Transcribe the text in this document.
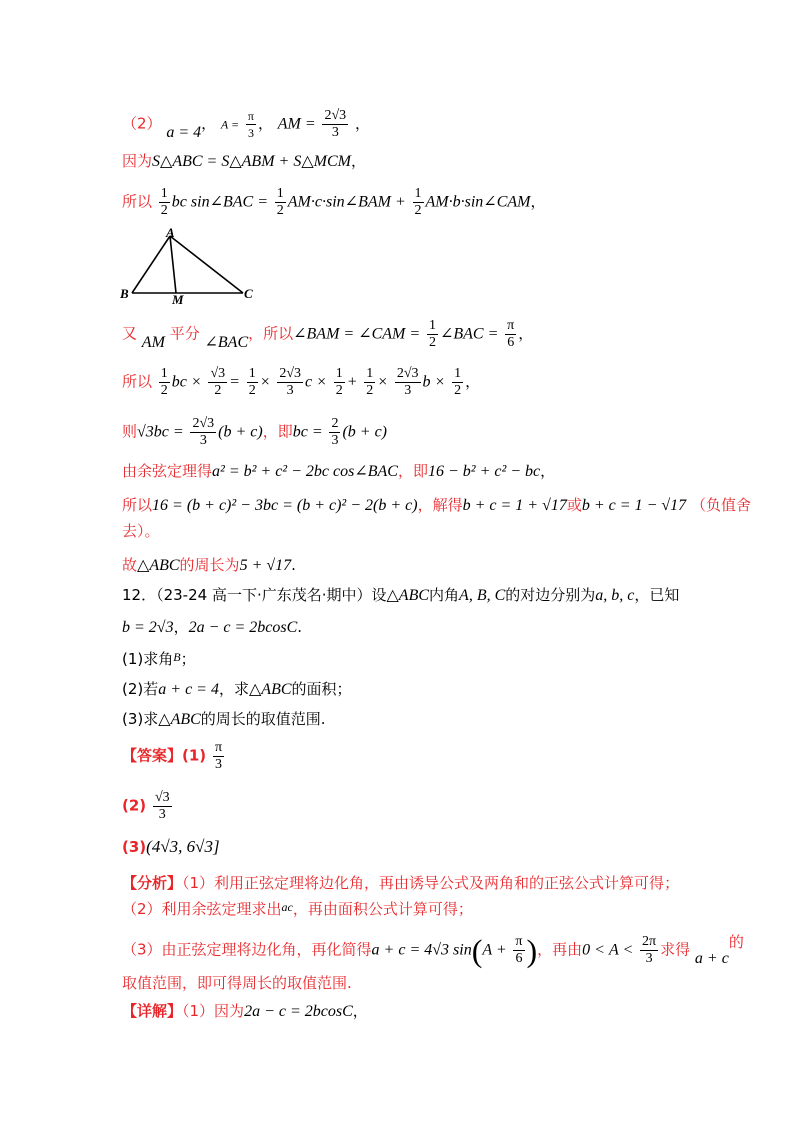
（2） a = 4， $A = \frac{\pi}{3}$ ， AM = $\frac{2√3}{3}$ ，
因为S△ABC = S△ABM + S△MCM，
所以 $\frac{1}{2}$ bc sin∠BAC = $\frac{1}{2}$ AM·c·sin∠BAM + $\frac{1}{2}$ AM·b·sin∠CAM，
A
B	M	C
又 AM 平分 ∠BAC，所以∠BAM = ∠CAM = $\frac{1}{2}$ ∠BAC = $\frac{\pi}{6}$ ，
所以 $\frac{1}{2}$ bc × $\frac{√3}{2} = \frac{1}{2} \times \frac{2√3}{3}$ $c \times \frac{1}{2} + \frac{1}{2} \times \frac{2√3}{3}$ $b \times \frac{1}{2}$ ，
则$√3bc = \frac{2√3}{3} (b + c)$，即bc = $\frac{2}{3} (b + c)$
由余弦定理得a² = b² + c² − 2bc cos∠BAC，即16 − b² + c² − bc，
所以16 = (b + c)² − 3bc = (b + c)² − 2(b + c)，解得b + c = 1 + √17或b + c = 1 − √17 （负值舍
去）。
故△ABC的周长为5 + √17.
12．（23-24 高一下·广东茂名·期中）设△ABC内角A, B, C的对边分别为a, b, c，已知
b = 2√3，2a − c = 2bcosC.
(1)求角$^B$；
(2)若a + c = 4，求△ABC的面积；
(3)求△ABC的周长的取值范围.
【答案】$(1) \frac{\pi}{3}$
$(2) \frac{√3}{3}$
(3)(4√3, 6√3]
【分析】（1）利用正弦定理将边化角，再由诱导公式及两角和的正弦公式计算可得；
（2）利用余弦定理求出$^{ac}$，再由面积公式计算可得；
（3）由正弦定理将边化角，再化简得a + c = 4√3 $\sin(A + \frac{\pi}{6}$ )，再由$0 < A < \frac{2\pi}{3}$ 求得 a + c的
取值范围，即可得周长的取值范围.
【详解】（1）因为2a − c = 2bcosC，
